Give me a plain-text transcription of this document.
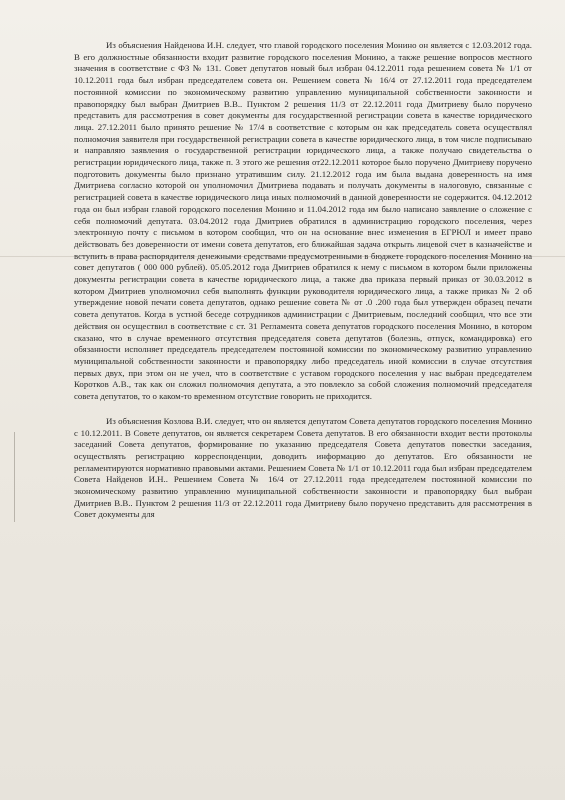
Из объяснения Найденова И.Н. следует, что главой городского поселения Монино он является с 12.03.2012 года. В его должностные обязанности входит развитие городского поселения Монино, а также решение вопросов местного значения в соответствие с ФЗ № 131. Совет депутатов новый был избран 04.12.2011 года решением совета № 1/1 от 10.12.2011 года был избран председателем совета он. Решением совета № 16/4 от 27.12.2011 года председателем постоянной комиссии по экономическому развитию управлению муниципальной собственности законности и правопорядку был выбран Дмитриев В.В.. Пунктом 2 решения 11/3 от 22.12.2011 года Дмитриеву было поручено представить для рассмотрения в совет документы для государственной регистрации совета в качестве юридического лица. 27.12.2011 было принято решение № 17/4 в соответствие с которым он как председатель совета осуществлял полномочия заявителя при государственной регистрации совета в качестве юридического лица, в том числе подписываю и направляю заявления о государственной регистрации юридического лица, а также получаю свидетельства о регистрации юридического лица, также п. 3 этого же решения от22.12.2011 которое было поручено Дмитриеву поручено подготовить документы было признано утратившим силу. 21.12.2012 года им была выдана доверенность на имя Дмитриева согласно которой он уполномочил Дмитриева подавать и получать документы в налоговую, связанные с регистрацией совета в качестве юридического лица иных полномочий в данной доверенности не содержится. 04.12.2012 года он был избран главой городского поселения Монино и 11.04.2012 года им было написано заявление о сложение с себя полномочий депутата. 03.04.2012 года Дмитриев обратился в администрацию городского поселения, через электронную почту с письмом в котором сообщил, что он на основание внес изменения в ЕГРЮЛ и имеет право действовать без доверенности от имени совета депутатов, его ближайшая задача открыть лицевой счет в казначействе и вступить в права распорядителя денежными средствами предусмотренными в бюджете городского поселения Монино на совет депутатов ( 000 000 рублей). 05.05.2012 года Дмитриев обратился к нему с письмом в котором были приложены документы регистрации совета в качестве юридического лица, а также два приказа первый приказ от 30.03.2012 в котором Дмитриев уполномочил себя выполнять функции руководителя юридического лица, а также приказ № 2 об утверждение новой печати совета депутатов, однако решение совета № от .0 .200 года был утвержден образец печати совета депутатов. Когда в устной беседе сотрудников администрации с Дмитриевым, последний сообщил, что все эти действия он осуществил в соответствие с ст. 31 Регламента совета депутатов городского поселения Монино, в котором сказано, что в случае временного отсутствия председателя совета депутатов (болезнь, отпуск, командировка) его обязанности исполняет председатель председателем постоянной комиссии по экономическому развитию управлению муниципальной собственности законности и правопорядку либо председатель иной комиссии в случае отсутствия первых двух, при этом он не учел, что в соответствие с уставом городского поселения у нас выбран председателем Коротков А.В., так как он сложил полномочия депутата, а это повлекло за собой сложения полномочий председателя совета депутатов, то о каком-то временном отсутствие говорить не приходится.

Из объяснения Козлова В.И. следует, что он является депутатом Совета депутатов городского поселения Монино с 10.12.2011. В Совете депутатов, он является секретарем Совета депутатов. В его обязанности входит вести протоколы заседаний Совета депутатов, формирование по указанию председателя Совета депутатов повестки заседания, осуществлять регистрацию корреспонденции, доводить информацию до депутатов. Его обязанности не регламентируются нормативно правовыми актами. Решением Совета № 1/1 от 10.12.2011 года был избран председателем Совета Найденов И.Н.. Решением Совета № 16/4 от 27.12.2011 года председателем постоянной комиссии по экономическому развитию управлению муниципальной собственности законности и правопорядку был выбран Дмитриев В.В.. Пунктом 2 решения 11/3 от 22.12.2011 года Дмитриеву было поручено представить для рассмотрения в Совет документы для
